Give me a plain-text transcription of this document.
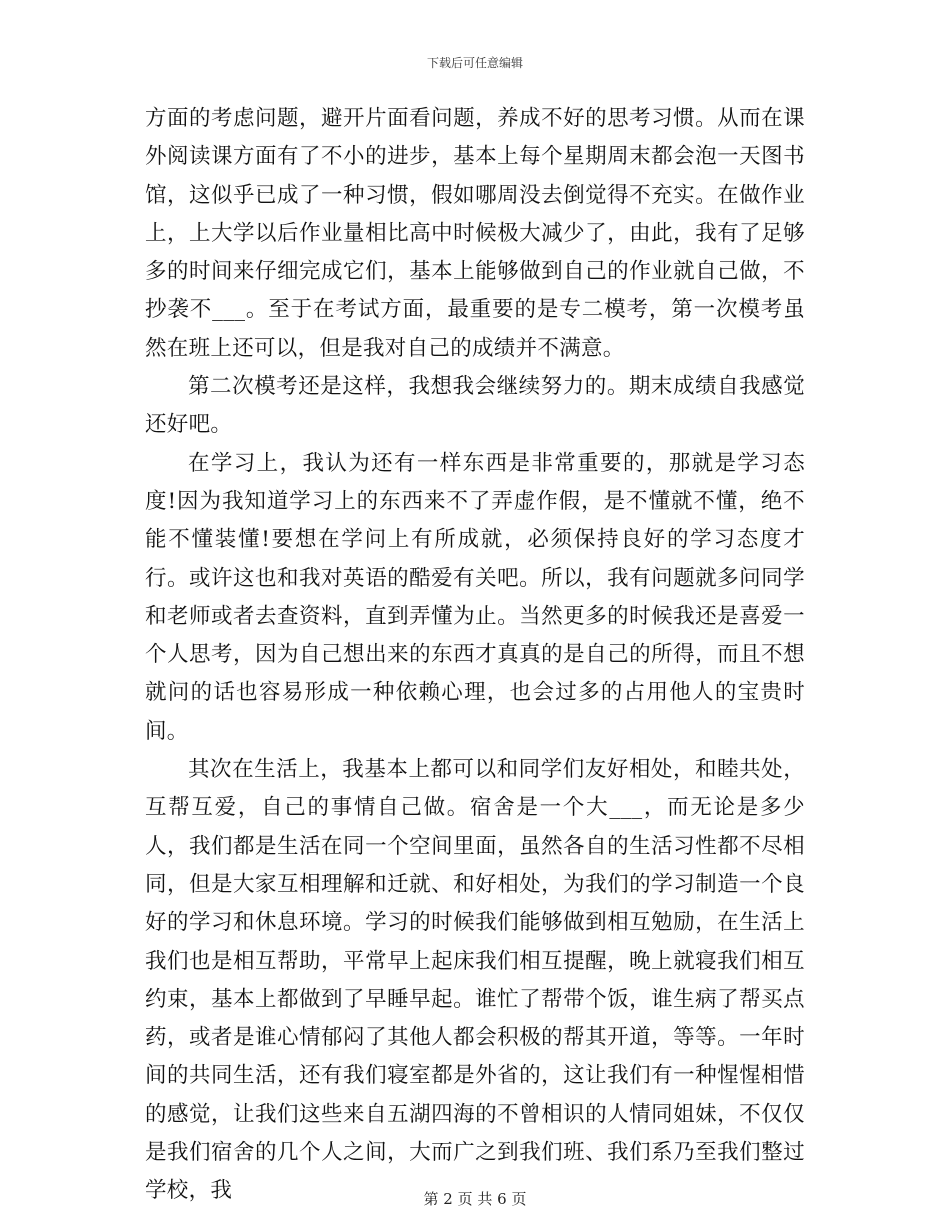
下载后可任意编辑

方面的考虑问题，避开片面看问题，养成不好的思考习惯。从而在课外阅读课方面有了不小的进步，基本上每个星期周末都会泡一天图书馆，这似乎已成了一种习惯，假如哪周没去倒觉得不充实。在做作业上，上大学以后作业量相比高中时候极大减少了，由此，我有了足够多的时间来仔细完成它们，基本上能够做到自己的作业就自己做，不抄袭不___。至于在考试方面，最重要的是专二模考，第一次模考虽然在班上还可以，但是我对自己的成绩并不满意。

第二次模考还是这样，我想我会继续努力的。期末成绩自我感觉还好吧。

在学习上，我认为还有一样东西是非常重要的，那就是学习态度!因为我知道学习上的东西来不了弄虚作假，是不懂就不懂，绝不能不懂装懂!要想在学问上有所成就，必须保持良好的学习态度才行。或许这也和我对英语的酷爱有关吧。所以，我有问题就多问同学和老师或者去查资料，直到弄懂为止。当然更多的时候我还是喜爱一个人思考，因为自己想出来的东西才真真的是自己的所得，而且不想就问的话也容易形成一种依赖心理，也会过多的占用他人的宝贵时间。

其次在生活上，我基本上都可以和同学们友好相处，和睦共处，互帮互爱，自己的事情自己做。宿舍是一个大___，而无论是多少人，我们都是生活在同一个空间里面，虽然各自的生活习性都不尽相同，但是大家互相理解和迁就、和好相处，为我们的学习制造一个良好的学习和休息环境。学习的时候我们能够做到相互勉励，在生活上我们也是相互帮助，平常早上起床我们相互提醒，晚上就寝我们相互约束，基本上都做到了早睡早起。谁忙了帮带个饭，谁生病了帮买点药，或者是谁心情郁闷了其他人都会积极的帮其开道，等等。一年时间的共同生活，还有我们寝室都是外省的，这让我们有一种惺惺相惜的感觉，让我们这些来自五湖四海的不曾相识的人情同姐妹，不仅仅是我们宿舍的几个人之间，大而广之到我们班、我们系乃至我们整过学校，我	第 2 页 共 6 页
